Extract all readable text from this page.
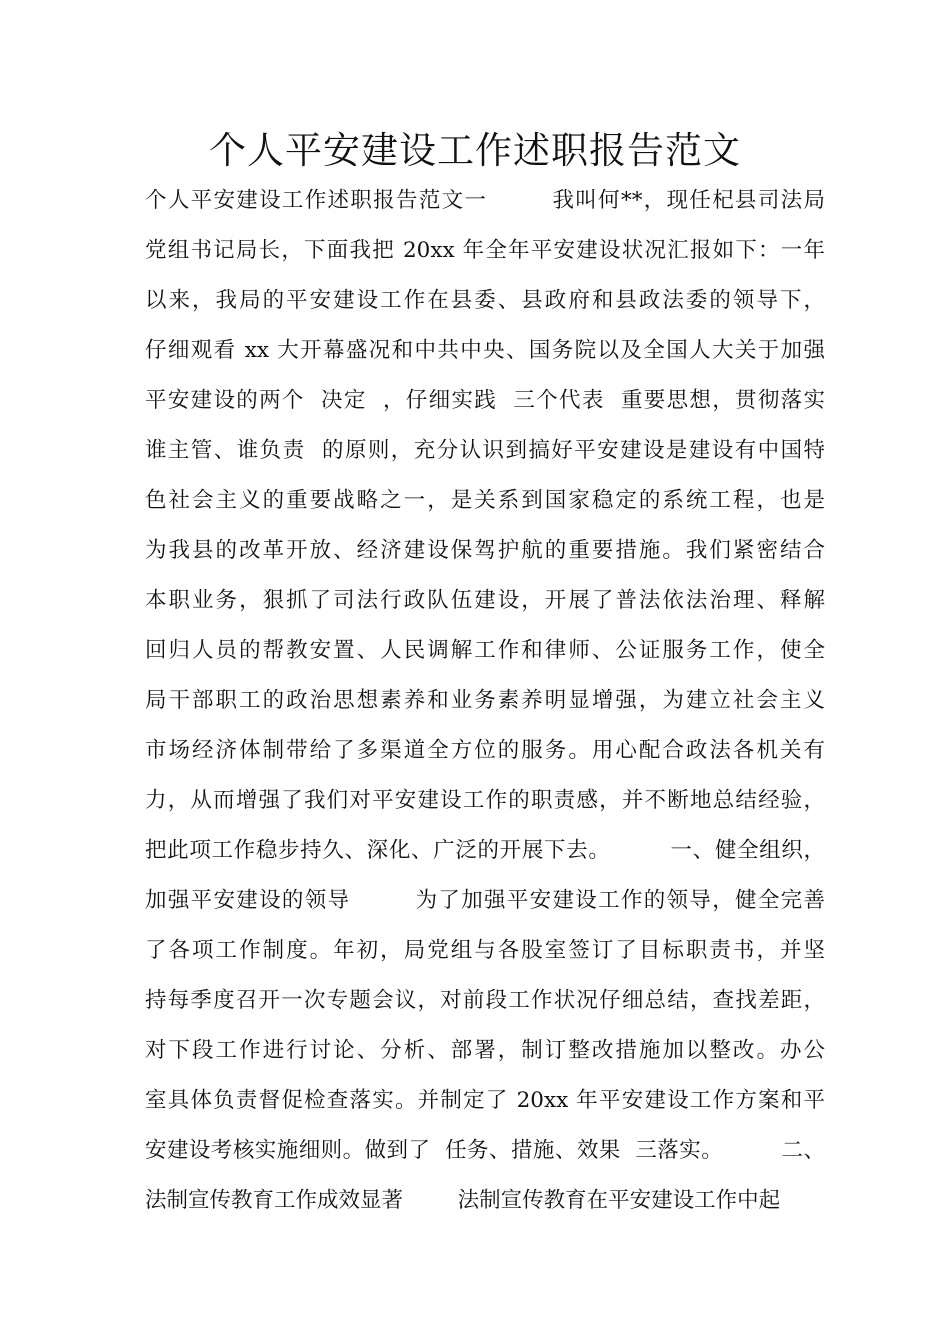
个人平安建设工作述职报告范文
个人平安建设工作述职报告范文一        我叫何**，现任杞县司法局
党组书记局长，下面我把 20xx 年全年平安建设状况汇报如下：一年
以来，我局的平安建设工作在县委、县政府和县政法委的领导下，
仔细观看 xx 大开幕盛况和中共中央、国务院以及全国人大关于加强
平安建设的两个  决定  ，仔细实践  三个代表  重要思想，贯彻落实
谁主管、谁负责  的原则，充分认识到搞好平安建设是建设有中国特
色社会主义的重要战略之一，是关系到国家稳定的系统工程，也是
为我县的改革开放、经济建设保驾护航的重要措施。我们紧密结合
本职业务，狠抓了司法行政队伍建设，开展了普法依法治理、释解
回归人员的帮教安置、人民调解工作和律师、公证服务工作，使全
局干部职工的政治思想素养和业务素养明显增强，为建立社会主义
市场经济体制带给了多渠道全方位的服务。用心配合政法各机关有
力，从而增强了我们对平安建设工作的职责感，并不断地总结经验，
把此项工作稳步持久、深化、广泛的开展下去。        一、健全组织，
加强平安建设的领导        为了加强平安建设工作的领导，健全完善
了各项工作制度。年初，局党组与各股室签订了目标职责书，并坚
持每季度召开一次专题会议，对前段工作状况仔细总结，查找差距，
对下段工作进行讨论、分析、部署，制订整改措施加以整改。办公
室具体负责督促检查落实。并制定了 20xx 年平安建设工作方案和平
安建设考核实施细则。做到了  任务、措施、效果  三落实。        二、
法制宣传教育工作成效显著        法制宣传教育在平安建设工作中起
